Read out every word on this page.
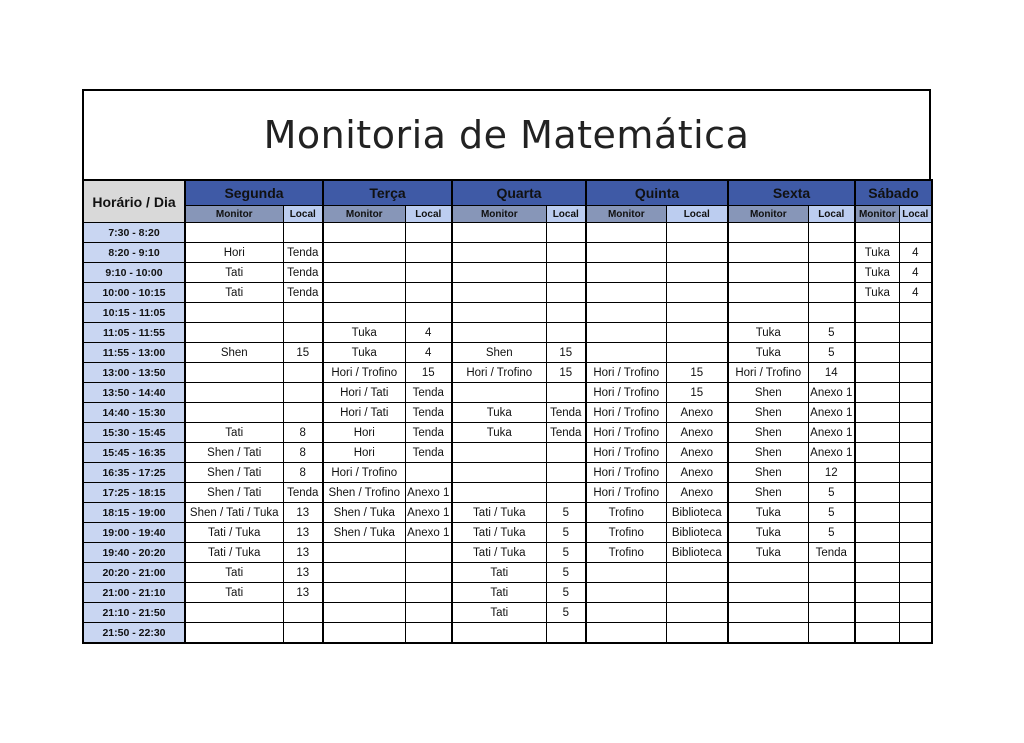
Monitoria de Matemática
Horário / Dia	Segunda		Terça		Quarta		Quinta		Sexta		Sábado	
	Monitor	Local	Monitor	Local	Monitor	Local	Monitor	Local	Monitor	Local	Monitor	Local
7:30 - 8:20												
8:20 - 9:10	Hori	Tenda									Tuka	4
9:10 - 10:00	Tati	Tenda									Tuka	4
10:00 - 10:15	Tati	Tenda									Tuka	4
10:15 - 11:05												
11:05 - 11:55			Tuka	4					Tuka	5		
11:55 - 13:00	Shen	15	Tuka	4	Shen	15			Tuka	5		
13:00 - 13:50			Hori / Trofino	15	Hori / Trofino	15	Hori / Trofino	15	Hori / Trofino	14		
13:50 - 14:40			Hori / Tati	Tenda			Hori / Trofino	15	Shen	Anexo 1		
14:40 - 15:30			Hori / Tati	Tenda	Tuka	Tenda	Hori / Trofino	Anexo	Shen	Anexo 1		
15:30 - 15:45	Tati	8	Hori	Tenda	Tuka	Tenda	Hori / Trofino	Anexo	Shen	Anexo 1		
15:45 - 16:35	Shen / Tati	8	Hori	Tenda			Hori / Trofino	Anexo	Shen	Anexo 1		
16:35 - 17:25	Shen / Tati	8	Hori / Trofino				Hori / Trofino	Anexo	Shen	12		
17:25 - 18:15	Shen / Tati	Tenda	Shen / Trofino	Anexo 1			Hori / Trofino	Anexo	Shen	5		
18:15 - 19:00	Shen / Tati / Tuka	13	Shen / Tuka	Anexo 1	Tati / Tuka	5	Trofino	Biblioteca	Tuka	5		
19:00 - 19:40	Tati / Tuka	13	Shen / Tuka	Anexo 1	Tati / Tuka	5	Trofino	Biblioteca	Tuka	5		
19:40 - 20:20	Tati / Tuka	13			Tati / Tuka	5	Trofino	Biblioteca	Tuka	Tenda		
20:20 - 21:00	Tati	13			Tati	5						
21:00 - 21:10	Tati	13			Tati	5						
21:10 - 21:50					Tati	5						
21:50 - 22:30												
